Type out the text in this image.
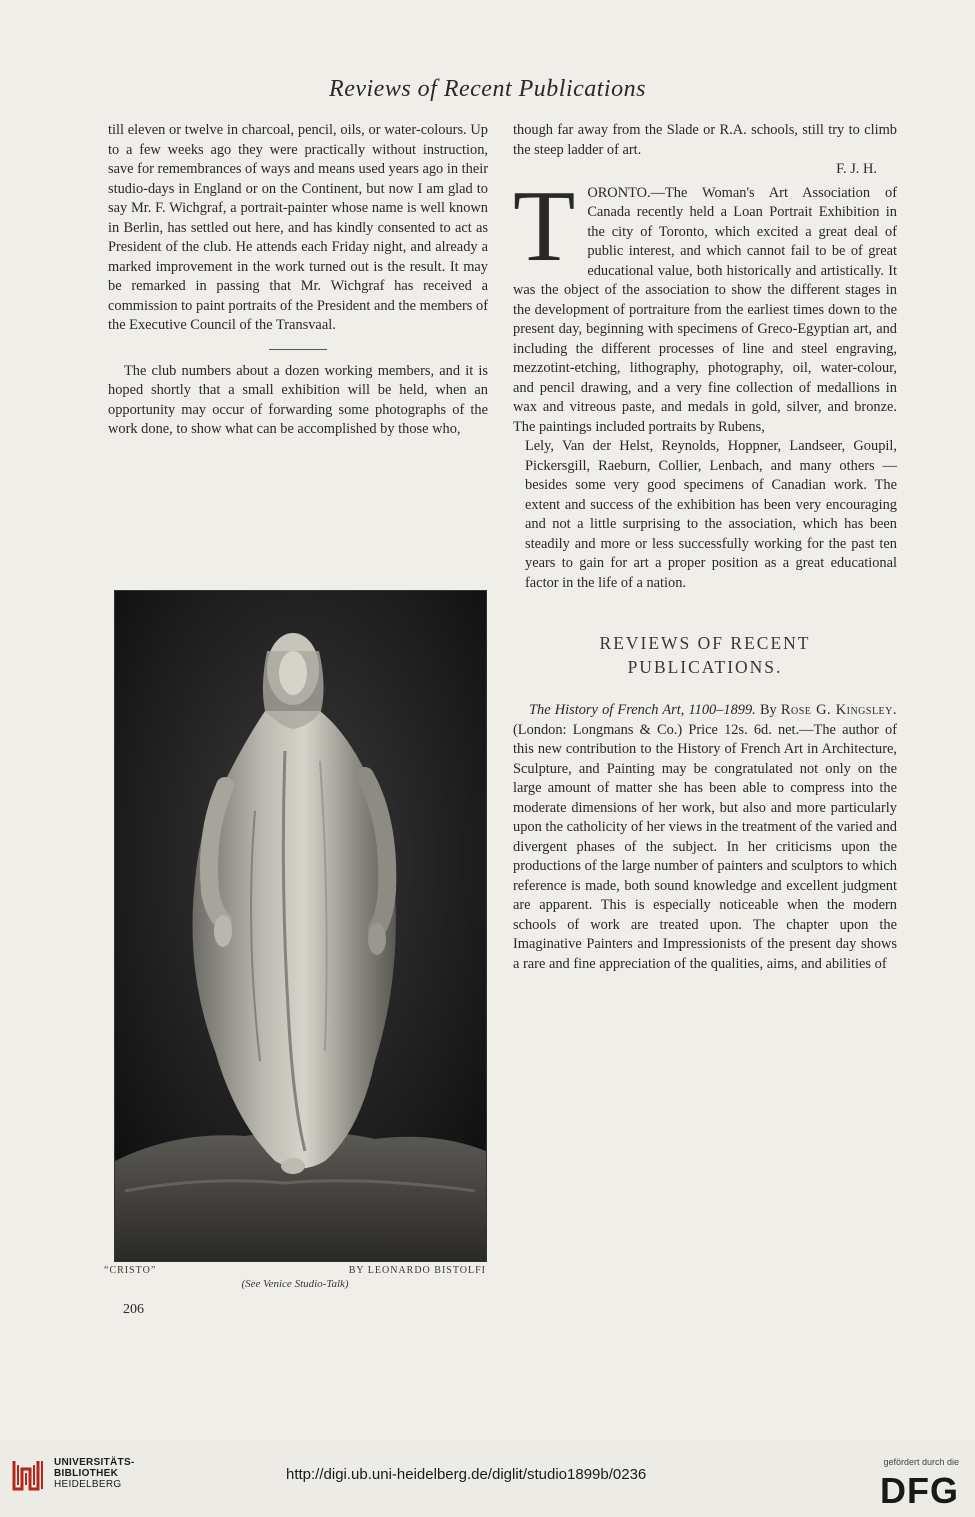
Reviews of Recent Publications

till eleven or twelve in charcoal, pencil, oils, or water-colours. Up to a few weeks ago they were practically without instruction, save for remembrances of ways and means used years ago in their studio-days in England or on the Continent, but now I am glad to say Mr. F. Wichgraf, a portrait-painter whose name is well known in Berlin, has settled out here, and has kindly consented to act as President of the club. He attends each Friday night, and already a marked improvement in the work turned out is the result. It may be remarked in passing that Mr. Wichgraf has received a commission to paint portraits of the President and the members of the Executive Council of the Transvaal.

The club numbers about a dozen working members, and it is hoped shortly that a small exhibition will be held, when an opportunity may occur of forwarding some photographs of the work done, to show what can be accomplished by those who,

“CRISTO”	BY LEONARDO BISTOLFI
(See Venice Studio-Talk)
206

though far away from the Slade or R.A. schools, still try to climb the steep ladder of art.

F. J. H.

T ORONTO.—The Woman's Art Association of Canada recently held a Loan Portrait Exhibition in the city of Toronto, which excited a great deal of public interest, and which cannot fail to be of great educational value, both historically and artistically. It was the object of the association to show the different stages in the development of portraiture from the earliest times down to the present day, beginning with specimens of Greco-Egyptian art, and including the different processes of line and steel engraving, mezzotint-etching, lithography, photography, oil, water-colour, and pencil drawing, and a very fine collection of medallions in wax and vitreous paste, and medals in gold, silver, and bronze. The paintings included portraits by Rubens,

Lely, Van der Helst, Reynolds, Hoppner, Landseer, Goupil, Pickersgill, Raeburn, Collier, Lenbach, and many others — besides some very good specimens of Canadian work. The extent and success of the exhibition has been very encouraging and not a little surprising to the association, which has been steadily and more or less successfully working for the past ten years to gain for art a proper position as a great educational factor in the life of a nation.

REVIEWS OF RECENT
PUBLICATIONS.

The History of French Art, 1100–1899. By Rose G. Kingsley. (London: Longmans & Co.) Price 12s. 6d. net.—The author of this new contribution to the History of French Art in Architecture, Sculpture, and Painting may be congratulated not only on the large amount of matter she has been able to compress into the moderate dimensions of her work, but also and more particularly upon the catholicity of her views in the treatment of the varied and divergent phases of the subject. In her criticisms upon the productions of the large number of painters and sculptors to which reference is made, both sound knowledge and excellent judgment are apparent. This is especially noticeable when the modern schools of work are treated upon. The chapter upon the Imaginative Painters and Impressionists of the present day shows a rare and fine appreciation of the qualities, aims, and abilities of

UNIVERSITÄTS-
BIBLIOTHEK
HEIDELBERG
http://digi.ub.uni-heidelberg.de/diglit/studio1899b/0236
gefördert durch die
DFG
